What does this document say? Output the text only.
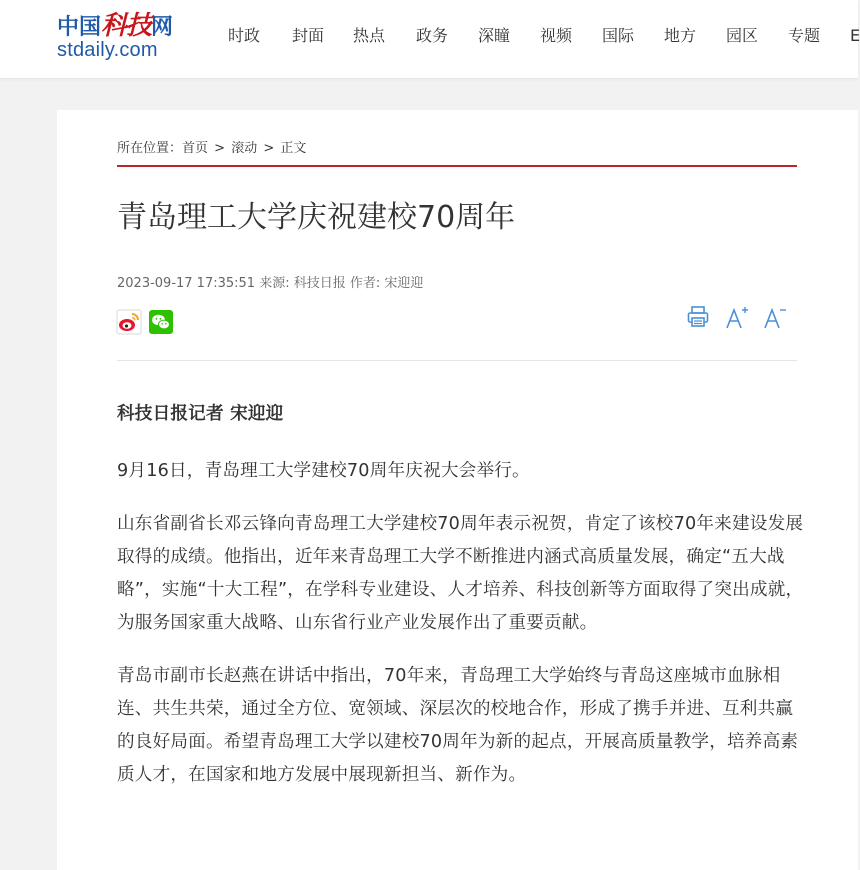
中国科技网
stdaily.com
时政 封面 热点 政务 深瞳 视频 国际 地方 园区 专题 E
所在位置：首页 > 滚动 > 正文
青岛理工大学庆祝建校70周年
2023-09-17 17:35:51 来源: 科技日报 作者: 宋迎迎

科技日报记者 宋迎迎

9月16日，青岛理工大学建校70周年庆祝大会举行。

山东省副省长邓云锋向青岛理工大学建校70周年表示祝贺，肯定了该校70年来建设发展取得的成绩。他指出，近年来青岛理工大学不断推进内涵式高质量发展，确定“五大战略”，实施“十大工程”，在学科专业建设、人才培养、科技创新等方面取得了突出成就，为服务国家重大战略、山东省行业产业发展作出了重要贡献。

青岛市副市长赵燕在讲话中指出，70年来，青岛理工大学始终与青岛这座城市血脉相连、共生共荣，通过全方位、宽领域、深层次的校地合作，形成了携手并进、互利共赢的良好局面。希望青岛理工大学以建校70周年为新的起点，开展高质量教学，培养高素质人才，在国家和地方发展中展现新担当、新作为。
